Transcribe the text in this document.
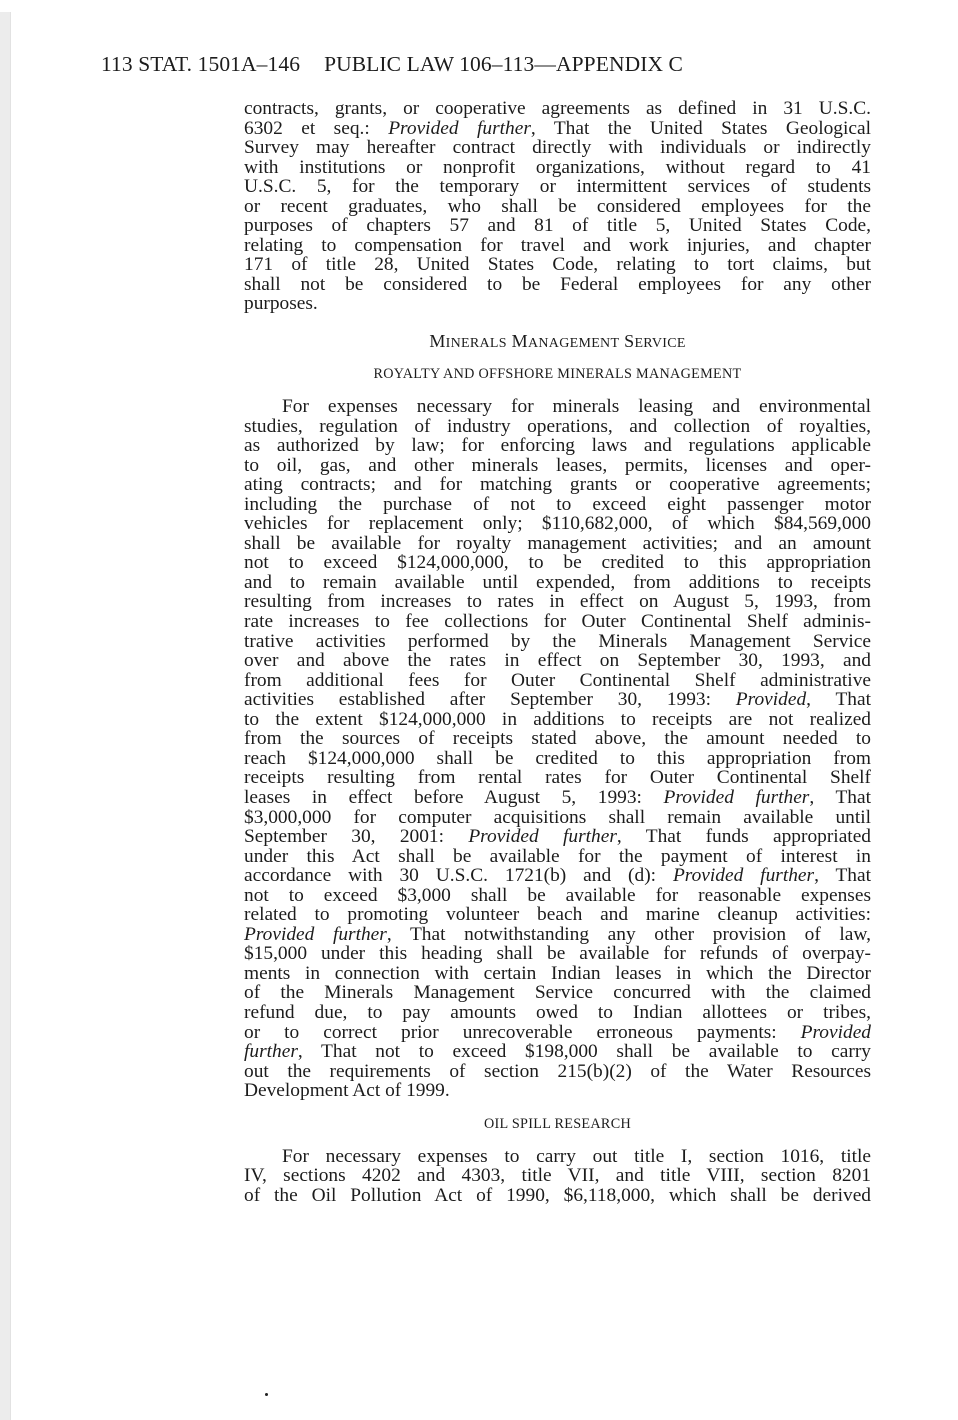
113 STAT. 1501A–146 PUBLIC LAW 106–113—APPENDIX C
contracts, grants, or cooperative agreements as defined in 31 U.S.C.
6302 et seq.: Provided further, That the United States Geological
Survey may hereafter contract directly with individuals or indirectly
with institutions or nonprofit organizations, without regard to 41
U.S.C. 5, for the temporary or intermittent services of students
or recent graduates, who shall be considered employees for the
purposes of chapters 57 and 81 of title 5, United States Code,
relating to compensation for travel and work injuries, and chapter
171 of title 28, United States Code, relating to tort claims, but
shall not be considered to be Federal employees for any other
purposes.
MINERALS MANAGEMENT SERVICE
ROYALTY AND OFFSHORE MINERALS MANAGEMENT
For expenses necessary for minerals leasing and environmental
studies, regulation of industry operations, and collection of royalties,
as authorized by law; for enforcing laws and regulations applicable
to oil, gas, and other minerals leases, permits, licenses and oper-
ating contracts; and for matching grants or cooperative agreements;
including the purchase of not to exceed eight passenger motor
vehicles for replacement only; $110,682,000, of which $84,569,000
shall be available for royalty management activities; and an amount
not to exceed $124,000,000, to be credited to this appropriation
and to remain available until expended, from additions to receipts
resulting from increases to rates in effect on August 5, 1993, from
rate increases to fee collections for Outer Continental Shelf adminis-
trative activities performed by the Minerals Management Service
over and above the rates in effect on September 30, 1993, and
from additional fees for Outer Continental Shelf administrative
activities established after September 30, 1993: Provided, That
to the extent $124,000,000 in additions to receipts are not realized
from the sources of receipts stated above, the amount needed to
reach $124,000,000 shall be credited to this appropriation from
receipts resulting from rental rates for Outer Continental Shelf
leases in effect before August 5, 1993: Provided further, That
$3,000,000 for computer acquisitions shall remain available until
September 30, 2001: Provided further, That funds appropriated
under this Act shall be available for the payment of interest in
accordance with 30 U.S.C. 1721(b) and (d): Provided further, That
not to exceed $3,000 shall be available for reasonable expenses
related to promoting volunteer beach and marine cleanup activities:
Provided further, That notwithstanding any other provision of law,
$15,000 under this heading shall be available for refunds of overpay-
ments in connection with certain Indian leases in which the Director
of the Minerals Management Service concurred with the claimed
refund due, to pay amounts owed to Indian allottees or tribes,
or to correct prior unrecoverable erroneous payments: Provided
further, That not to exceed $198,000 shall be available to carry
out the requirements of section 215(b)(2) of the Water Resources
Development Act of 1999.
OIL SPILL RESEARCH
For necessary expenses to carry out title I, section 1016, title
IV, sections 4202 and 4303, title VII, and title VIII, section 8201
of the Oil Pollution Act of 1990, $6,118,000, which shall be derived
